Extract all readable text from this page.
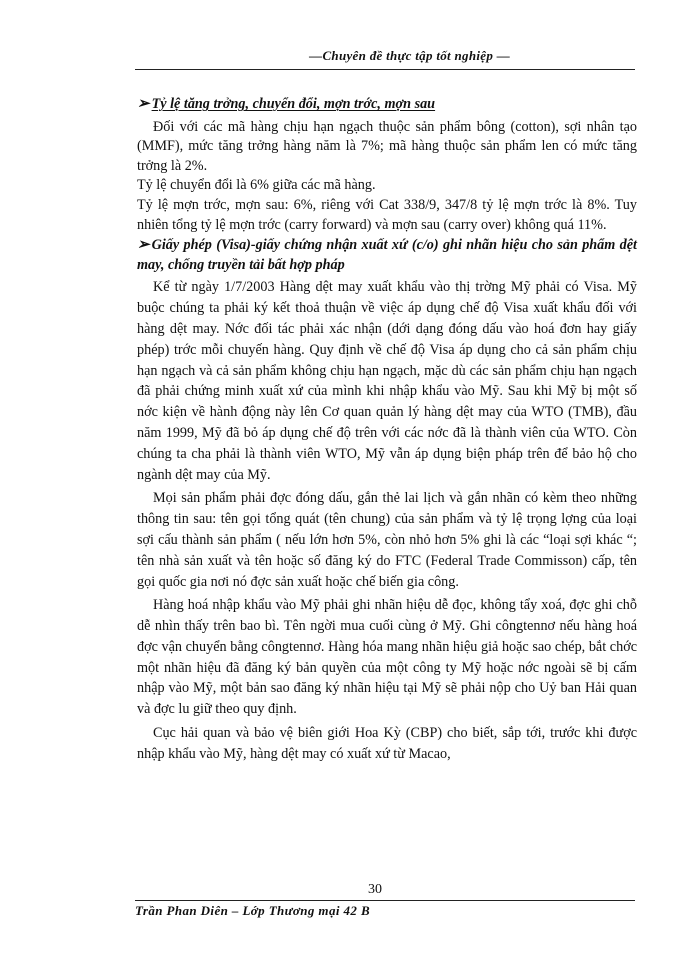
—Chuyên đề thực tập tốt nghiệp —

➢ Tỷ lệ tăng trởng, chuyển đổi, mợn trớc, mợn sau

Đối với các mã hàng chịu hạn ngạch thuộc sản phẩm bông (cotton), sợi nhân tạo (MMF), mức tăng trởng hàng năm là 7%; mã hàng thuộc sản phẩm len có mức tăng trởng là 2%.

Tỷ lệ chuyển đổi là 6% giữa các mã hàng.

Tỷ lệ mợn trớc, mợn sau: 6%, riêng với Cat 338/9, 347/8 tỷ lệ mợn trớc là 8%. Tuy nhiên tổng tỷ lệ mợn trớc (carry forward) và mợn sau (carry over) không quá 11%.

➢ Giấy phép (Visa)-giấy chứng nhận xuất xứ (c/o) ghi nhãn hiệu cho sản phẩm dệt may, chống truyền tải bất hợp pháp

Kể từ ngày 1/7/2003 Hàng dệt may xuất khẩu vào thị trờng Mỹ phải có Visa. Mỹ buộc chúng ta phải ký kết thoả thuận về việc áp dụng chế độ Visa xuất khẩu đối với hàng dệt may. Nớc đối tác phải xác nhận (dới dạng đóng dấu vào hoá đơn hay giấy phép) trớc mỗi chuyến hàng. Quy định về chế độ Visa áp dụng cho cả sản phẩm chịu hạn ngạch và cả sản phẩm không chịu hạn ngạch, mặc dù các sản phẩm chịu hạn ngạch đã phải chứng minh xuất xứ của mình khi nhập khẩu vào Mỹ. Sau khi Mỹ bị một số nớc kiện về hành động này lên Cơ quan quản lý hàng dệt may của WTO (TMB), đầu năm 1999, Mỹ đã bỏ áp dụng chế độ trên với các nớc đã là thành viên của WTO. Còn chúng ta cha phải là thành viên WTO, Mỹ vẫn áp dụng biện pháp trên để bảo hộ cho ngành dệt may của Mỹ.

Mọi sản phẩm phải đợc đóng dấu, gắn thẻ lai lịch và gắn nhãn có kèm theo những thông tin sau: tên gọi tổng quát (tên chung) của sản phẩm và tỷ lệ trọng lợng của loại sợi cấu thành sản phẩm ( nếu lớn hơn 5%, còn nhỏ hơn 5% ghi là các “loại sợi khác “; tên nhà sản xuất và tên hoặc số đăng ký do FTC (Federal Trade Commisson) cấp, tên gọi quốc gia nơi nó đợc sản xuất hoặc chế biến gia công.

Hàng hoá nhập khẩu vào Mỹ phải ghi nhãn hiệu dễ đọc, không tẩy xoá, đợc ghi chỗ dễ nhìn thấy trên bao bì. Tên ngời mua cuối cùng ở Mỹ. Ghi côngtennơ nếu hàng hoá đợc vận chuyển bằng côngtennơ. Hàng hóa mang nhãn hiệu giả hoặc sao chép, bắt chớc một nhãn hiệu đã đăng ký bản quyền của một công ty Mỹ hoặc nớc ngoài sẽ bị cấm nhập vào Mỹ, một bản sao đăng ký nhãn hiệu tại Mỹ sẽ phải nộp cho Uỷ ban Hải quan và đợc lu giữ theo quy định.

Cục hải quan và bảo vệ biên giới Hoa Kỳ (CBP) cho biết, sắp tới, trước khi được nhập khẩu vào Mỹ, hàng dệt may có xuất xứ từ Macao,

30
Trần Phan Diên – Lớp Thương mại 42 B
